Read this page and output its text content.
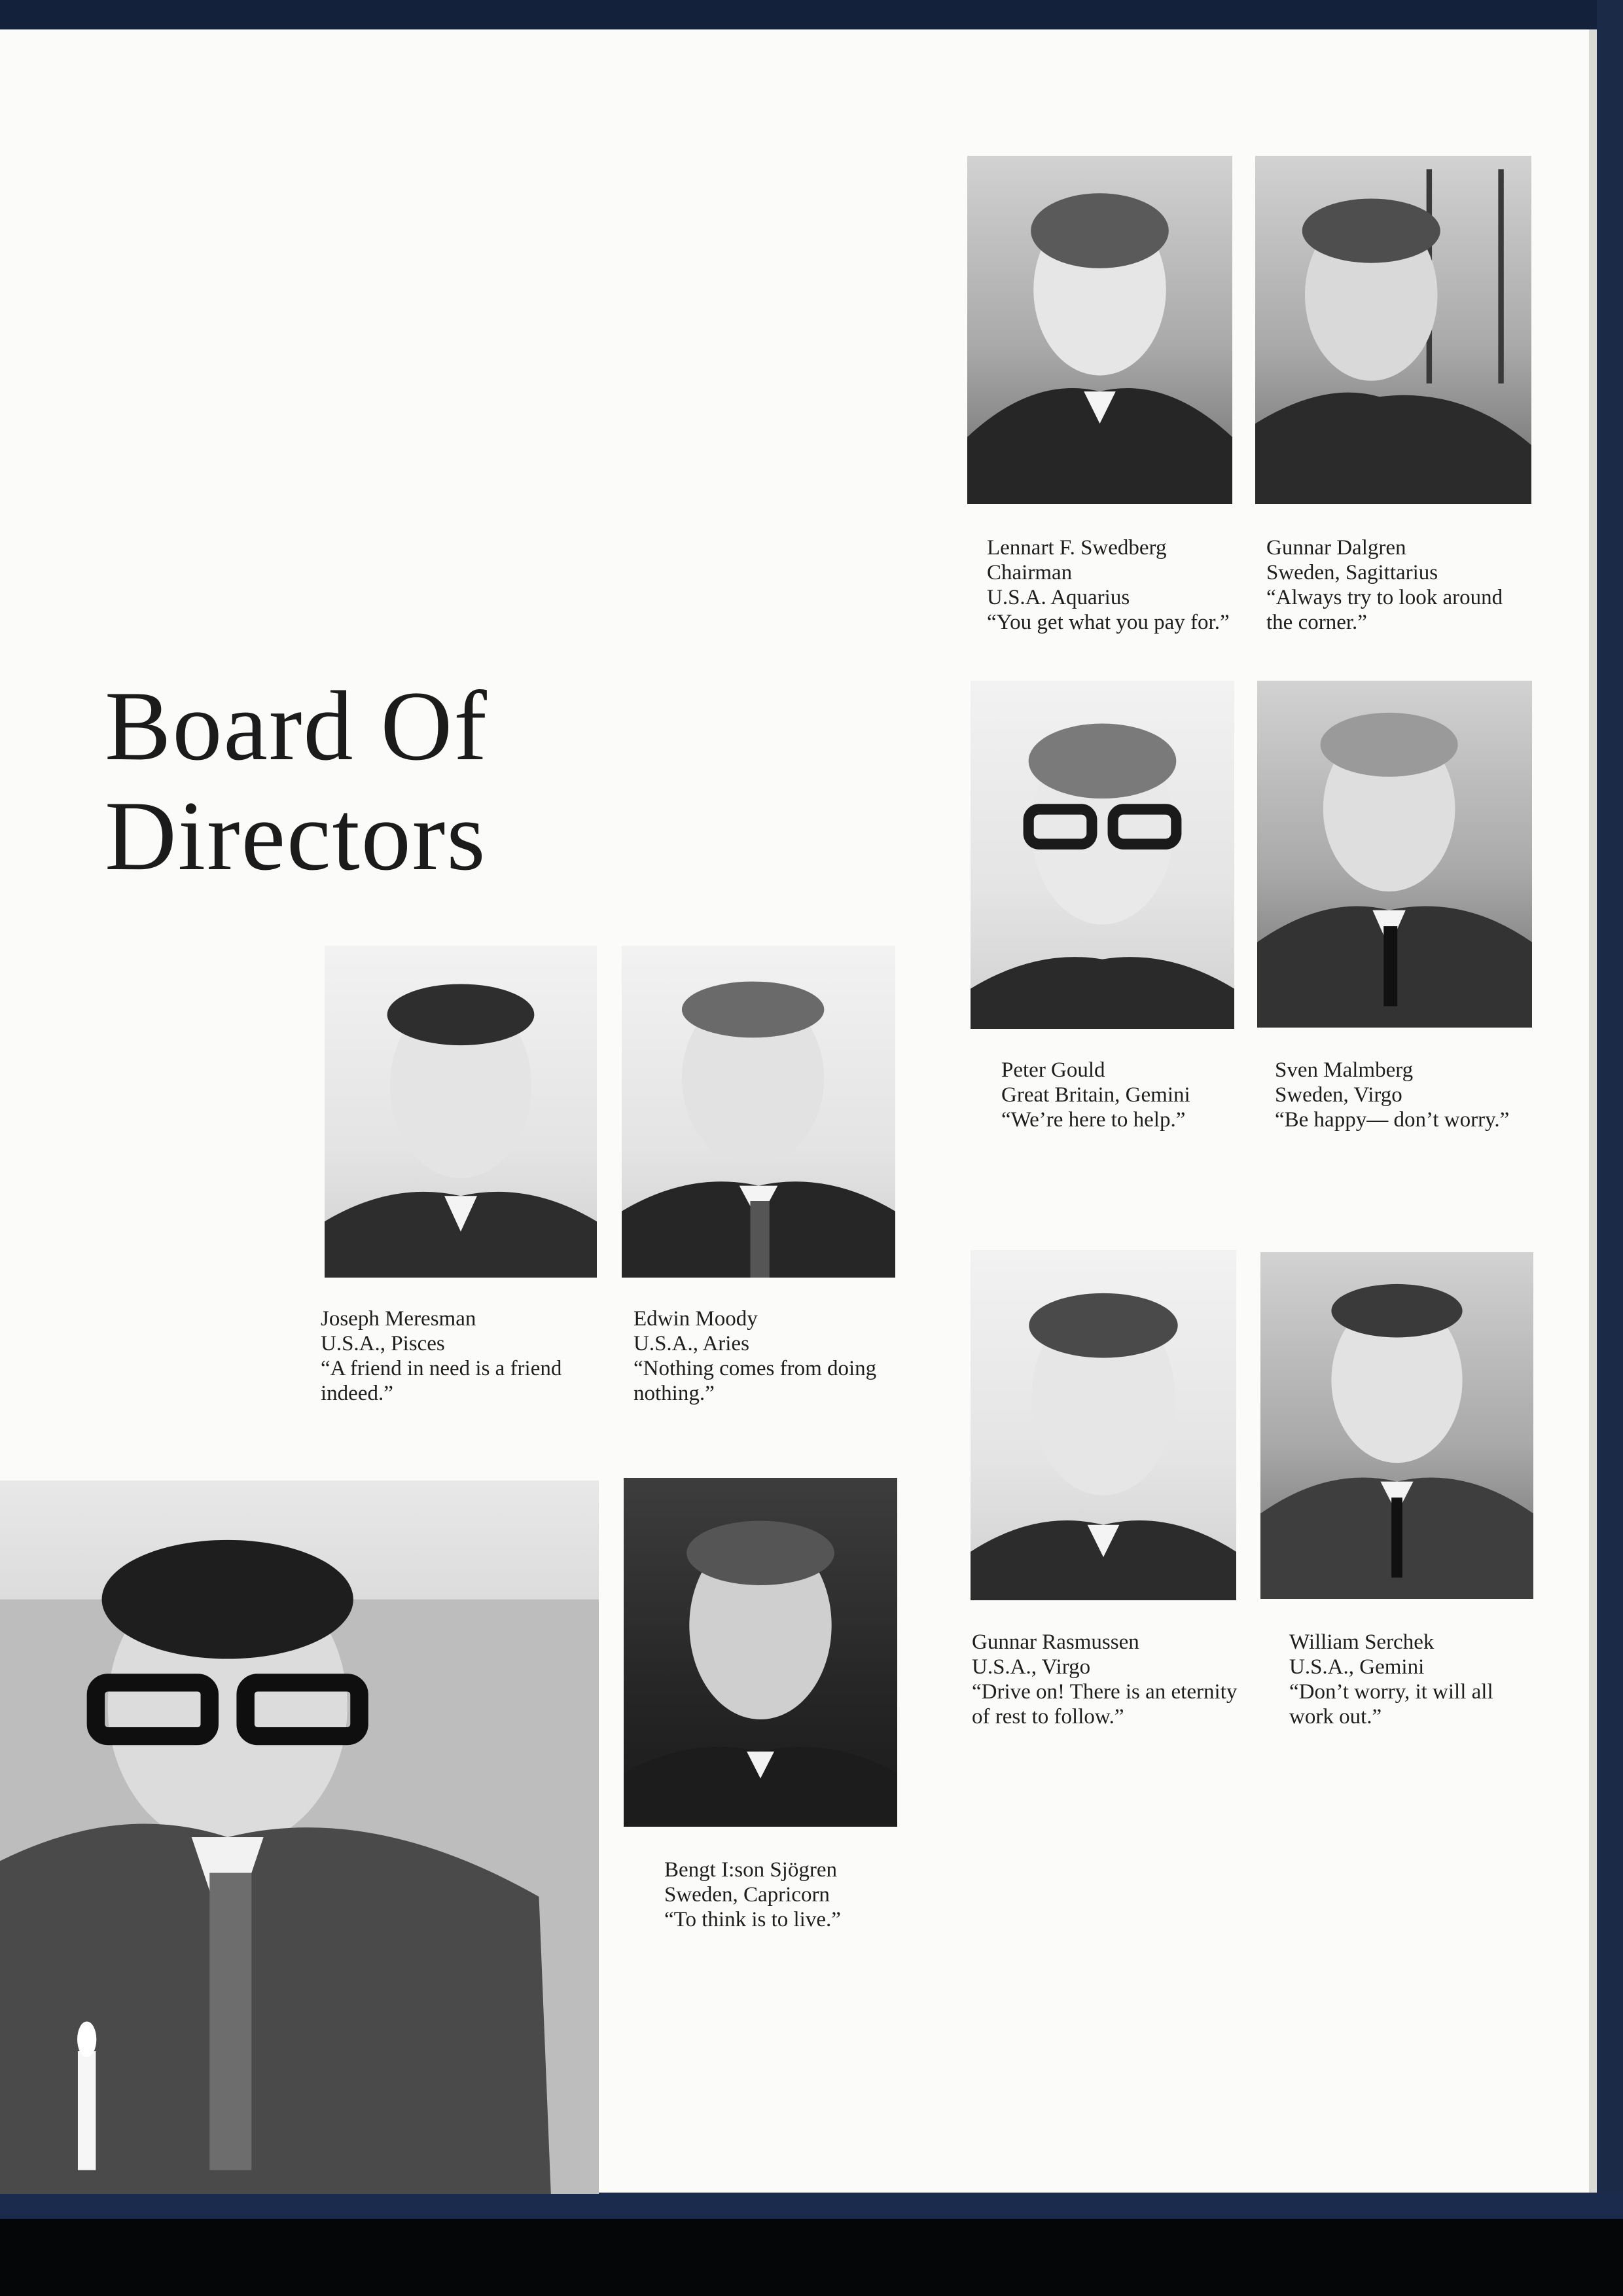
Board Of
Directors
Lennart F. Swedberg
Chairman
U.S.A. Aquarius
“You get what you pay for.”
Gunnar Dalgren
Sweden, Sagittarius
“Always try to look around the corner.”
Peter Gould
Great Britain, Gemini
“We’re here to help.”
Sven Malmberg
Sweden, Virgo
“Be happy— don’t worry.”
Joseph Meresman
U.S.A., Pisces
“A friend in need is a friend indeed.”
Edwin Moody
U.S.A., Aries
“Nothing comes from doing nothing.”
Gunnar Rasmussen
U.S.A., Virgo
“Drive on! There is an eternity of rest to follow.”
William Serchek
U.S.A., Gemini
“Don’t worry, it will all work out.”
Bengt I:son Sjögren
Sweden, Capricorn
“To think is to live.”
